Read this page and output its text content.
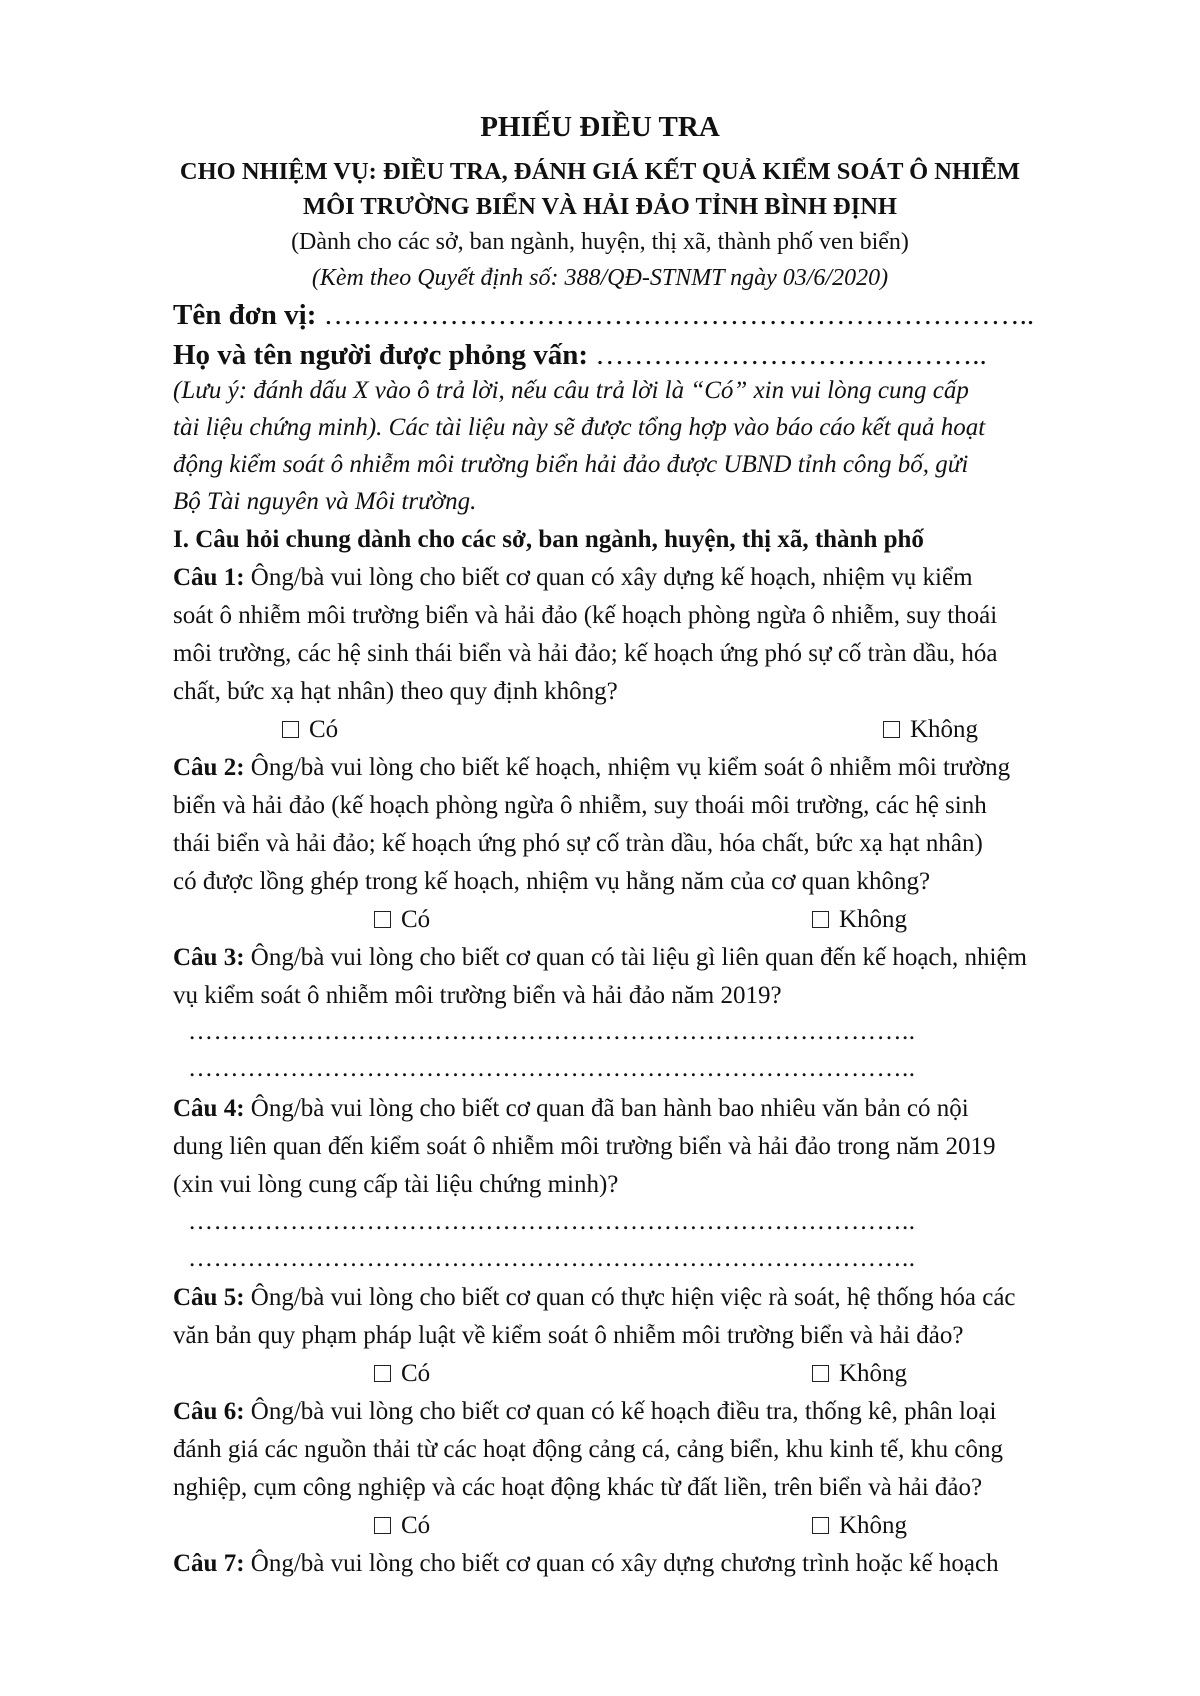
PHIẾU ĐIỀU TRA
CHO NHIỆM VỤ: ĐIỀU TRA, ĐÁNH GIÁ KẾT QUẢ KIỂM SOÁT Ô NHIỄM
MÔI TRƯỜNG BIỂN VÀ HẢI ĐẢO TỈNH BÌNH ĐỊNH
(Dành cho các sở, ban ngành, huyện, thị xã, thành phố ven biển)
(Kèm theo Quyết định số: 388/QĐ-STNMT ngày 03/6/2020)
Tên đơn vị: ………………………………………………………………..
Họ và tên người được phỏng vấn: …………………………………..
(Lưu ý: đánh dấu X vào ô trả lời, nếu câu trả lời là “Có” xin vui lòng cung cấp
tài liệu chứng minh). Các tài liệu này sẽ được tổng hợp vào báo cáo kết quả hoạt
động kiểm soát ô nhiễm môi trường biển hải đảo được UBND tỉnh công bố, gửi
Bộ Tài nguyên và Môi trường.
I. Câu hỏi chung dành cho các sở, ban ngành, huyện, thị xã, thành phố
Câu 1: Ông/bà vui lòng cho biết cơ quan có xây dựng kế hoạch, nhiệm vụ kiểm
soát ô nhiễm môi trường biển và hải đảo (kế hoạch phòng ngừa ô nhiễm, suy thoái
môi trường, các hệ sinh thái biển và hải đảo; kế hoạch ứng phó sự cố tràn dầu, hóa
chất, bức xạ hạt nhân) theo quy định không?
Có	Không
Câu 2: Ông/bà vui lòng cho biết kế hoạch, nhiệm vụ kiểm soát ô nhiễm môi trường
biển và hải đảo (kế hoạch phòng ngừa ô nhiễm, suy thoái môi trường, các hệ sinh
thái biển và hải đảo; kế hoạch ứng phó sự cố tràn dầu, hóa chất, bức xạ hạt nhân)
có được lồng ghép trong kế hoạch, nhiệm vụ hằng năm của cơ quan không?
Có	Không
Câu 3: Ông/bà vui lòng cho biết cơ quan có tài liệu gì liên quan đến kế hoạch, nhiệm
vụ kiểm soát ô nhiễm môi trường biển và hải đảo năm 2019?
…………………………………………………………………………..
…………………………………………………………………………..
Câu 4: Ông/bà vui lòng cho biết cơ quan đã ban hành bao nhiêu văn bản có nội
dung liên quan đến kiểm soát ô nhiễm môi trường biển và hải đảo trong năm 2019
(xin vui lòng cung cấp tài liệu chứng minh)?
…………………………………………………………………………..
…………………………………………………………………………..
Câu 5: Ông/bà vui lòng cho biết cơ quan có thực hiện việc rà soát, hệ thống hóa các
văn bản quy phạm pháp luật về kiểm soát ô nhiễm môi trường biển và hải đảo?
Có	Không
Câu 6: Ông/bà vui lòng cho biết cơ quan có kế hoạch điều tra, thống kê, phân loại
đánh giá các nguồn thải từ các hoạt động cảng cá, cảng biển, khu kinh tế, khu công
nghiệp, cụm công nghiệp và các hoạt động khác từ đất liền, trên biển và hải đảo?
Có	Không
Câu 7: Ông/bà vui lòng cho biết cơ quan có xây dựng chương trình hoặc kế hoạch
